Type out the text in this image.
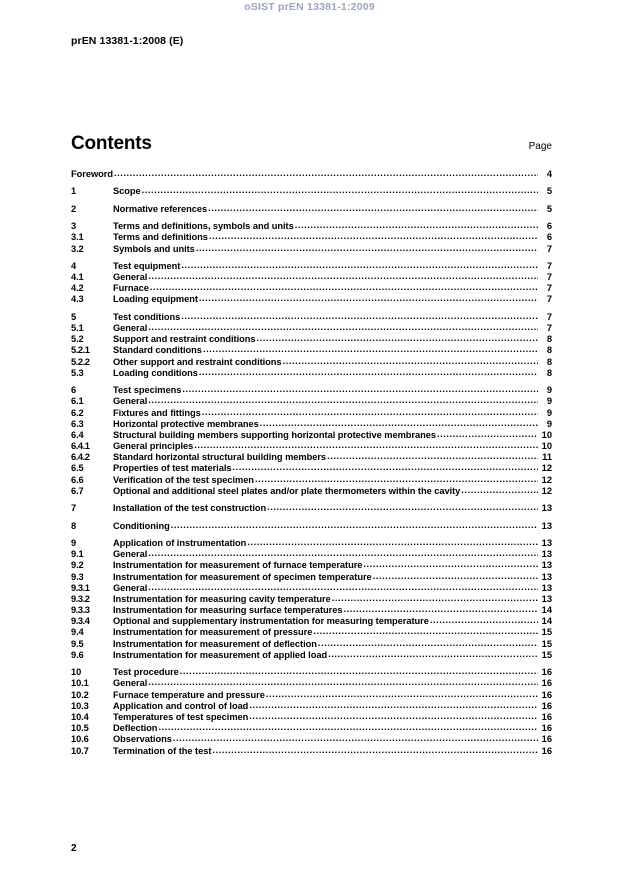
oSIST prEN 13381-1:2009
prEN 13381-1:2008 (E)
Contents	Page
Foreword .....	4
1	Scope .....	5
2	Normative references .....	5
3	Terms and definitions, symbols and units .....	6
3.1	Terms and definitions .....	6
3.2	Symbols and units .....	7
4	Test equipment .....	7
4.1	General .....	7
4.2	Furnace .....	7
4.3	Loading equipment .....	7
5	Test conditions .....	7
5.1	General .....	7
5.2	Support and restraint conditions .....	8
5.2.1	Standard conditions .....	8
5.2.2	Other support and restraint conditions .....	8
5.3	Loading conditions .....	8
6	Test specimens .....	9
6.1	General .....	9
6.2	Fixtures and fittings .....	9
6.3	Horizontal protective membranes .....	9
6.4	Structural building members supporting horizontal protective membranes .....	10
6.4.1	General principles .....	10
6.4.2	Standard horizontal structural building members .....	11
6.5	Properties of test materials .....	12
6.6	Verification of the test specimen .....	12
6.7	Optional and additional steel plates and/or plate thermometers within the cavity .....	12
7	Installation of the test construction .....	13
8	Conditioning .....	13
9	Application of instrumentation .....	13
9.1	General .....	13
9.2	Instrumentation for measurement of furnace temperature .....	13
9.3	Instrumentation for measurement of specimen temperature .....	13
9.3.1	General .....	13
9.3.2	Instrumentation for measuring cavity temperature .....	13
9.3.3	Instrumentation for measuring surface temperatures .....	14
9.3.4	Optional and supplementary instrumentation for measuring temperature .....	14
9.4	Instrumentation for measurement of pressure .....	15
9.5	Instrumentation for measurement of deflection .....	15
9.6	Instrumentation for measurement of applied load .....	15
10	Test procedure .....	16
10.1	General .....	16
10.2	Furnace temperature and pressure .....	16
10.3	Application and control of load .....	16
10.4	Temperatures of test specimen .....	16
10.5	Deflection .....	16
10.6	Observations .....	16
10.7	Termination of the test .....	16
2
